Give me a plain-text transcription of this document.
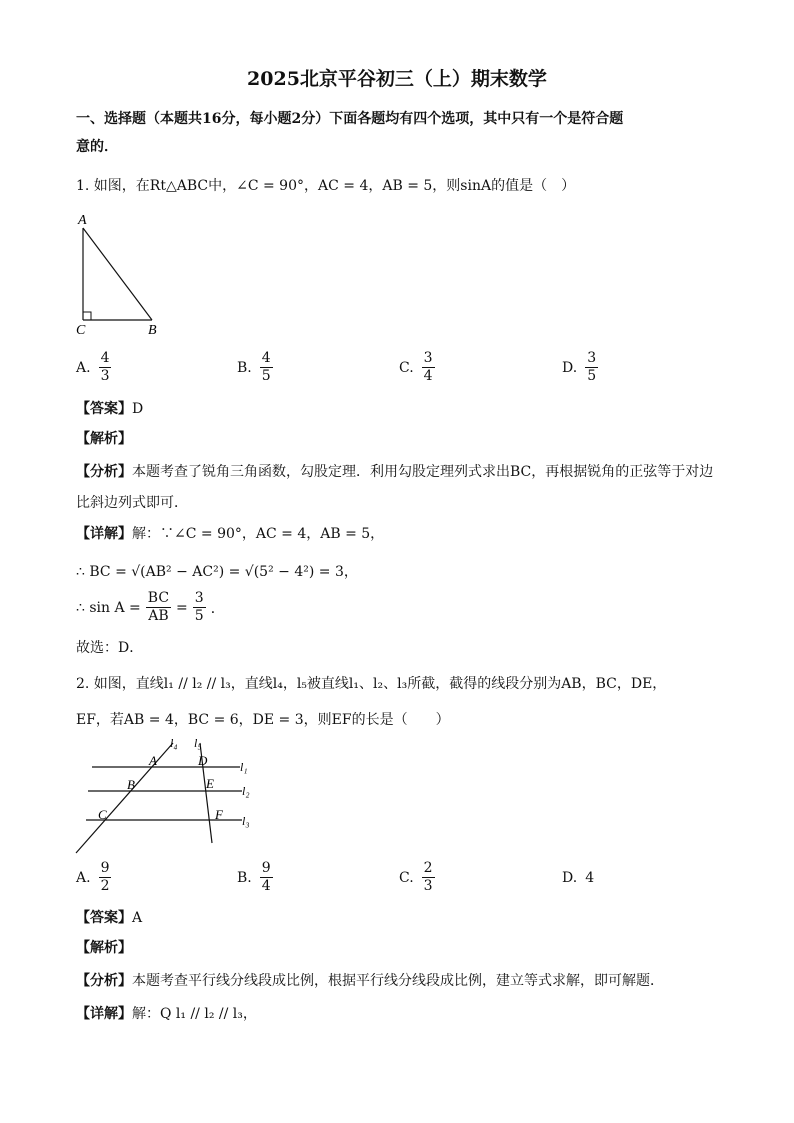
2025北京平谷初三（上）期末数学
一、选择题（本题共16分，每小题2分）下面各题均有四个选项，其中只有一个是符合题
意的．
1. 如图，在Rt△ABC中，∠C = 90°，AC = 4，AB = 5，则sinA的值是（　）
A
C	B
A. $\frac{4}{3}$	B. $\frac{4}{5}$	C. $\frac{3}{4}$	D. $\frac{3}{5}$
【答案】D
【解析】
【分析】本题考查了锐角三角函数，勾股定理．利用勾股定理列式求出BC，再根据锐角的正弦等于对边
比斜边列式即可．
【详解】解：∵∠C = 90°，AC = 4，AB = 5，
∴ BC = √(AB² − AC²) = √(5² − 4²) = 3，
∴ $\sin A = \frac{BC}{AB} = \frac{3}{5}$ ．
故选：D．
2. 如图，直线l₁ // l₂ // l₃，直线l₄，l₅被直线l₁、l₂、l₃所截，截得的线段分别为AB，BC，DE，
EF，若AB = 4，BC = 6，DE = 3，则EF的长是（　　）
l₄ l₅
l₁
l₂
l₃
A	D
B	E
C	F
A. $\frac{9}{2}$	B. $\frac{9}{4}$	C. $\frac{2}{3}$	D. 4
【答案】A
【解析】
【分析】本题考查平行线分线段成比例，根据平行线分线段成比例，建立等式求解，即可解题．
【详解】解：Q l₁ // l₂ // l₃，
